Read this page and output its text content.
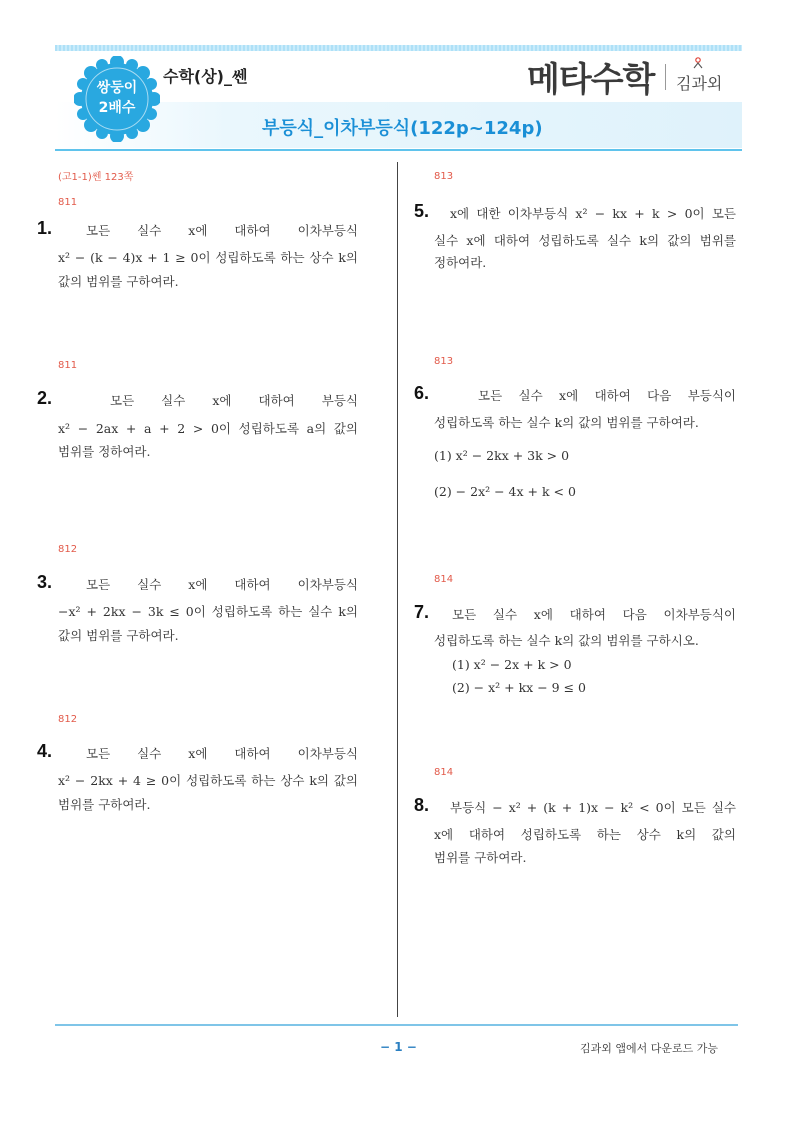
쌍둥이
2배수
수학(상)_쎈	메타수학 김과외
부등식_이차부등식(122p~124p)
(고1-1)쎈 123쪽
811
1.	모든 실수 x에 대하여 이차부등식
x² − (k − 4)x + 1 ≥ 0이 성립하도록 하는 상수 k의
값의 범위를 구하여라.
811
2.	모든 실수 x에 대하여 부등식
x² − 2ax + a + 2 > 0이 성립하도록 a의 값의
범위를 정하여라.
812
3.	모든 실수 x에 대하여 이차부등식
−x² + 2kx − 3k ≤ 0이 성립하도록 하는 실수 k의
값의 범위를 구하여라.
812
4.	모든 실수 x에 대하여 이차부등식
x² − 2kx + 4 ≥ 0이 성립하도록 하는 상수 k의 값의
범위를 구하여라.
813
5.	x에 대한 이차부등식 x² − kx + k > 0이 모든
실수 x에 대하여 성립하도록 실수 k의 값의 범위를
정하여라.
813
6.	모든 실수 x에 대하여 다음 부등식이
성립하도록 하는 실수 k의 값의 범위를 구하여라.
(1) x² − 2kx + 3k > 0
(2) − 2x² − 4x + k < 0
814
7.	모든 실수 x에 대하여 다음 이차부등식이
성립하도록 하는 실수 k의 값의 범위를 구하시오.
(1) x² − 2x + k > 0
(2) − x² + kx − 9 ≤ 0
814
8.	부등식 − x² + (k + 1)x − k² < 0이 모든 실수
x에 대하여 성립하도록 하는 상수 k의 값의
범위를 구하여라.
− 1 −	김과외 앱에서 다운로드 가능
